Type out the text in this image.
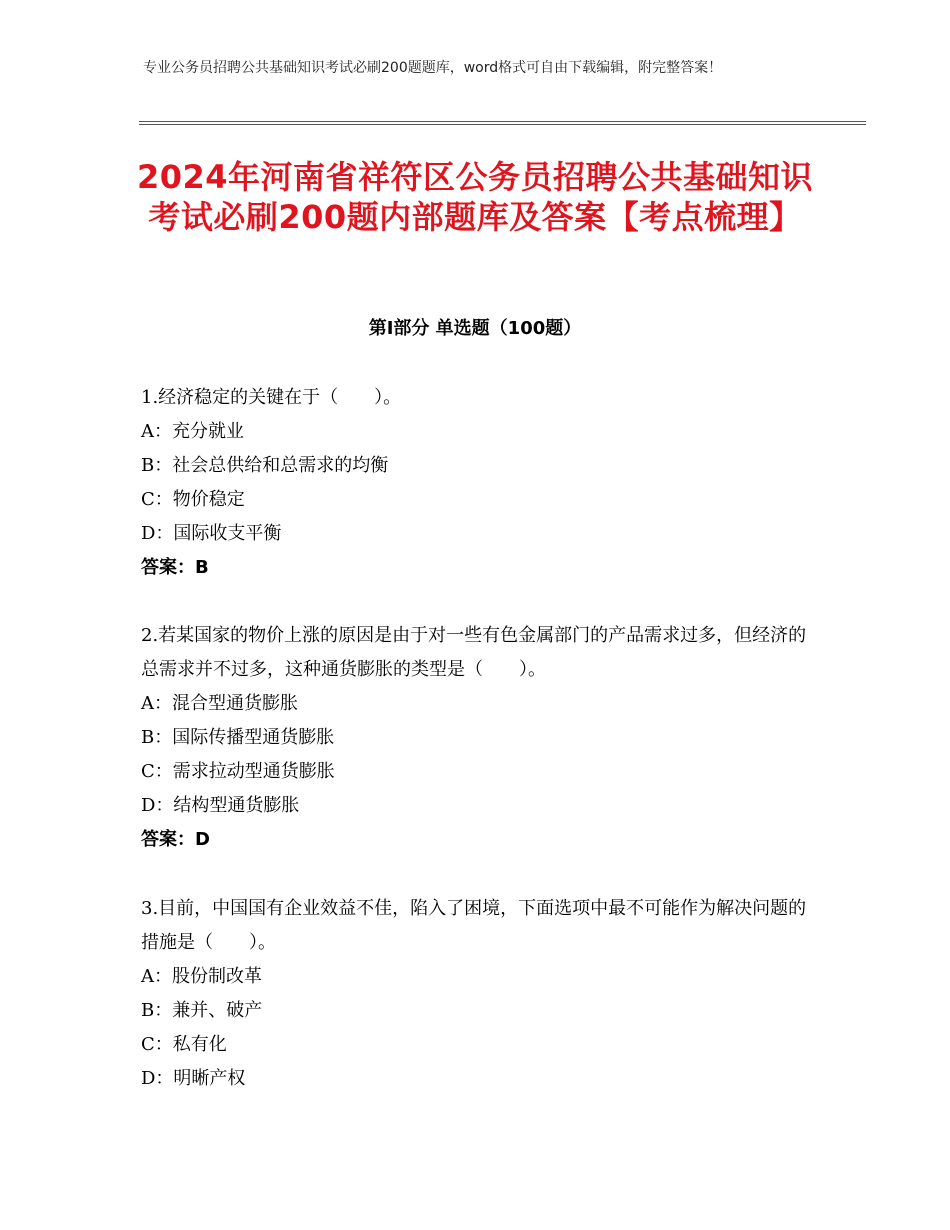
专业公务员招聘公共基础知识考试必刷200题题库，word格式可自由下载编辑，附完整答案！
2024年河南省祥符区公务员招聘公共基础知识考试必刷200题内部题库及答案【考点梳理】
第I部分 单选题（100题）

1.经济稳定的关键在于（　　）。

A：充分就业

B：社会总供给和总需求的均衡

C：物价稳定

D：国际收支平衡

答案：B

2.若某国家的物价上涨的原因是由于对一些有色金属部门的产品需求过多，但经济的总需求并不过多，这种通货膨胀的类型是（　　）。

A：混合型通货膨胀

B：国际传播型通货膨胀

C：需求拉动型通货膨胀

D：结构型通货膨胀

答案：D

3.目前，中国国有企业效益不佳，陷入了困境，下面选项中最不可能作为解决问题的措施是（　　）。

A：股份制改革

B：兼并、破产

C：私有化

D：明晰产权
